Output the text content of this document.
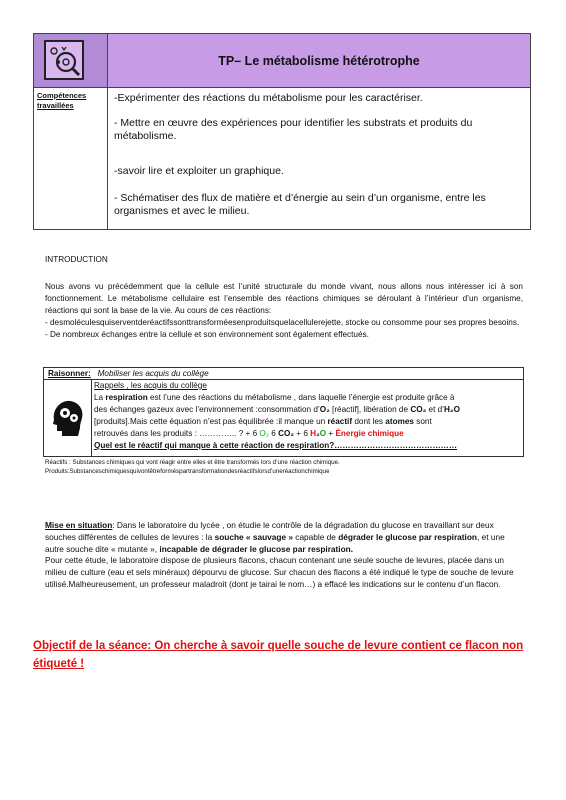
TP– Le métabolisme hétérotrophe
Compétences travaillées

-Expérimenter des réactions du métabolisme pour les caractériser.

- Mettre en œuvre des expériences pour identifier les substrats et produits du métabolisme.

-savoir lire et exploiter un graphique.

- Schématiser des flux de matière et d’énergie au sein d’un organisme, entre les organismes et avec le milieu.

INTRODUCTION

Nous avons vu précédemment que la cellule est l’unité structurale du monde vivant, nous allons nous intéresser ici à son fonctionnement. Le métabolisme cellulaire est l’ensemble des réactions chimiques se déroulant à l’intérieur d’un organisme, réactions qui sont la base de la vie. Au cours de ces réactions:

- desmoléculesquiserventderéactifssonttransforméesenproduitsquelacellulerejette, stocke ou consomme pour ses propres besoins.

- De nombreux échanges entre la cellule et son environnement sont également effectués.

Raisonner: Mobiliser les acquis du collège

Rappels , les acquis du collège

La respiration est l’une des réactions du métabolisme , dans laquelle l’énergie est produite grâce à

des échanges gazeux avec l’environnement :consommation d’O₂ [réactif], libération de CO₂ et d’H₂O

[produits].Mais cette équation n’est pas équilibrée :il manque un réactif dont les atomes sont

retrouvés dans les produits : ………….. ? + 6 O₂ 6 CO₂ + 6 H₂O + Énergie chimique

Quel est le réactif qui manque à cette réaction de respiration?………………………………………

Réactifs : Substances chimiques qui vont réagir entre elles et être transformés lors d’une réaction chimique.
Produits:Substanceschimiquesquivontêtreforméspartransformationdesréactifslorsd’uneréactionchimique

Mise en situation: Dans le laboratoire du lycée , on étudie le contrôle de la dégradation du glucose en travaillant sur deux souches différentes de cellules de levures : la souche « sauvage » capable de dégrader le glucose par respiration, et une autre souche dite « mutante », incapable de dégrader le glucose par respiration.

Pour cette étude, le laboratoire dispose de plusieurs flacons, chacun contenant une seule souche de levures, placée dans un milieu de culture (eau et sels minéraux) dépourvu de glucose. Sur chacun des flacons a été indiqué le type de souche de levure utilisé.Malheureusement, un professeur maladroit (dont je tairai le nom…) a effacé les indications sur le contenu d’un flacon.

Objectif de la séance: On cherche à savoir quelle souche de levure contient ce flacon non étiqueté !
